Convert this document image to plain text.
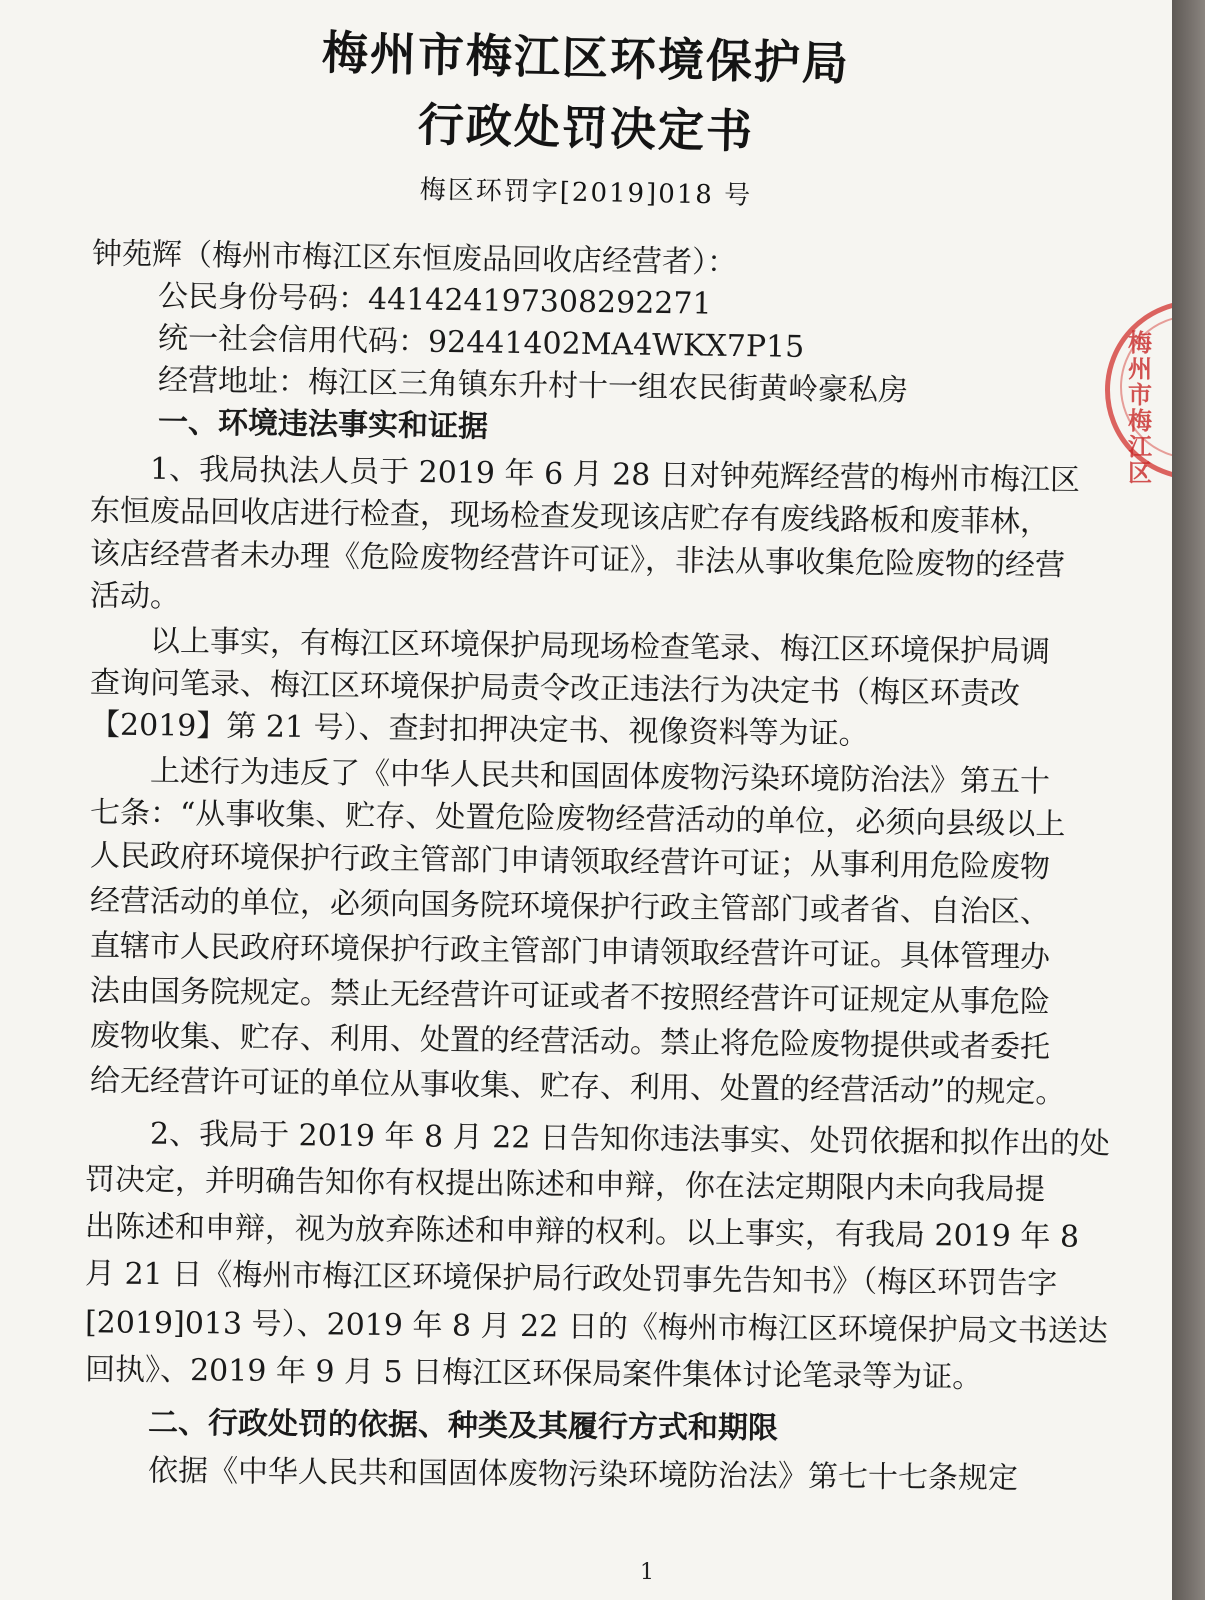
梅州市梅江区环境保护局
行政处罚决定书
梅区环罚字[2019]018 号
钟苑辉（梅州市梅江区东恒废品回收店经营者）：
公民身份号码：441424197308292271
统一社会信用代码：92441402MA4WKX7P15
经营地址：梅江区三角镇东升村十一组农民街黄岭豪私房
一、环境违法事实和证据
1、我局执法人员于 2019 年 6 月 28 日对钟苑辉经营的梅州市梅江区
东恒废品回收店进行检查，现场检查发现该店贮存有废线路板和废菲林，
该店经营者未办理《危险废物经营许可证》，非法从事收集危险废物的经营
活动。
以上事实，有梅江区环境保护局现场检查笔录、梅江区环境保护局调
查询问笔录、梅江区环境保护局责令改正违法行为决定书（梅区环责改
【2019】第 21 号）、查封扣押决定书、视像资料等为证。
上述行为违反了《中华人民共和国固体废物污染环境防治法》第五十
七条：“从事收集、贮存、处置危险废物经营活动的单位，必须向县级以上
人民政府环境保护行政主管部门申请领取经营许可证；从事利用危险废物
经营活动的单位，必须向国务院环境保护行政主管部门或者省、自治区、
直辖市人民政府环境保护行政主管部门申请领取经营许可证。具体管理办
法由国务院规定。禁止无经营许可证或者不按照经营许可证规定从事危险
废物收集、贮存、利用、处置的经营活动。禁止将危险废物提供或者委托
给无经营许可证的单位从事收集、贮存、利用、处置的经营活动”的规定。
2、我局于 2019 年 8 月 22 日告知你违法事实、处罚依据和拟作出的处
罚决定，并明确告知你有权提出陈述和申辩，你在法定期限内未向我局提
出陈述和申辩，视为放弃陈述和申辩的权利。以上事实，有我局 2019 年 8
月 21 日《梅州市梅江区环境保护局行政处罚事先告知书》（梅区环罚告字
[2019]013 号）、2019 年 8 月 22 日的《梅州市梅江区环境保护局文书送达
回执》、2019 年 9 月 5 日梅江区环保局案件集体讨论笔录等为证。
二、行政处罚的依据、种类及其履行方式和期限
依据《中华人民共和国固体废物污染环境防治法》第七十七条规定
1
梅州市梅江区
